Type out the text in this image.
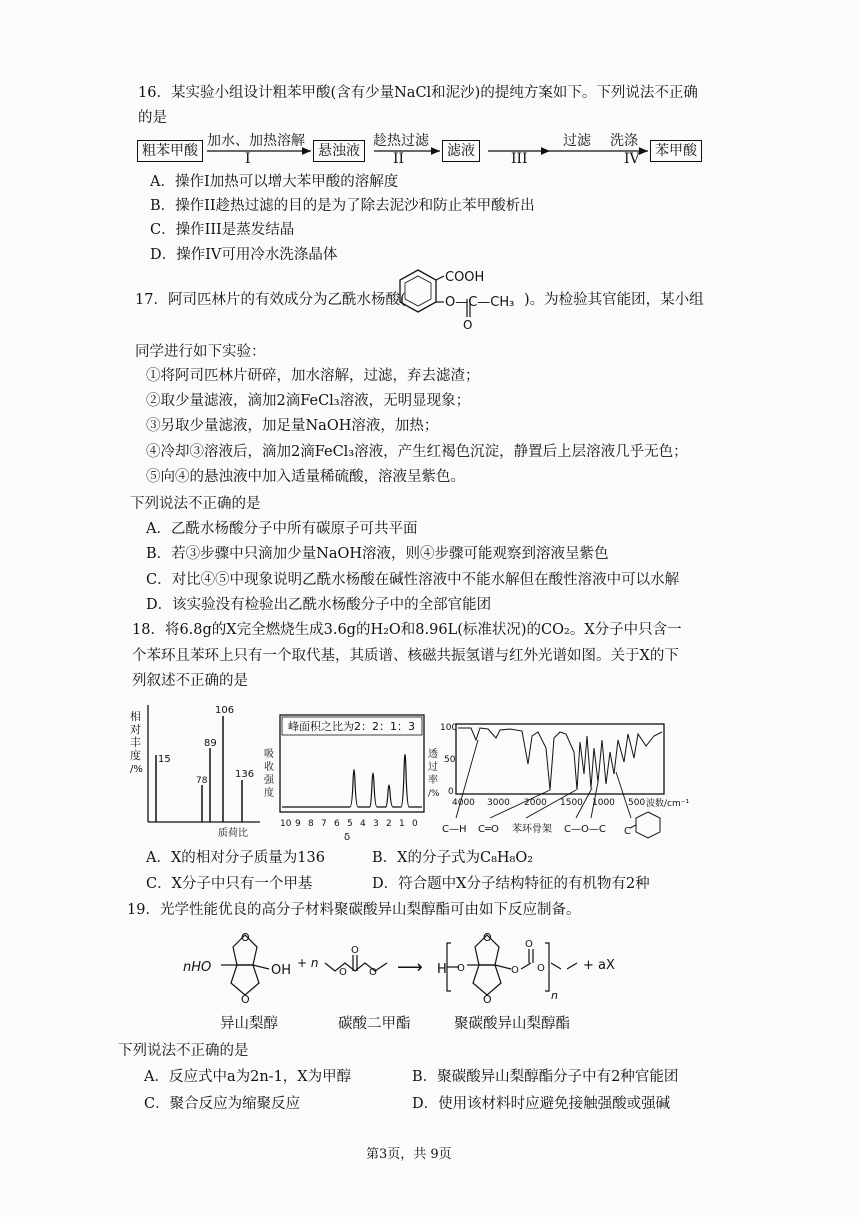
16．某实验小组设计粗苯甲酸(含有少量NaCl和泥沙)的提纯方案如下。下列说法不正确
的是
粗苯甲酸
加水、加热溶解
I	悬浊液
趁热过滤
II	滤液	III
过滤 洗涤
IV	苯甲酸
A．操作I加热可以增大苯甲酸的溶解度
B．操作II趁热过滤的目的是为了除去泥沙和防止苯甲酸析出
C．操作III是蒸发结晶
D．操作IV可用冷水洗涤晶体
17．阿司匹林片的有效成分为乙酰水杨酸(
COOH
O—C—CH₃
O
)。为检验其官能团，某小组
同学进行如下实验：
①将阿司匹林片研碎，加水溶解，过滤，弃去滤渣；
②取少量滤液，滴加2滴FeCl₃溶液，无明显现象；
③另取少量滤液，加足量NaOH溶液，加热；
④冷却③溶液后，滴加2滴FeCl₃溶液，产生红褐色沉淀，静置后上层溶液几乎无色；
⑤向④的悬浊液中加入适量稀硫酸，溶液呈紫色。
下列说法不正确的是
A．乙酰水杨酸分子中所有碳原子可共平面
B．若③步骤中只滴加少量NaOH溶液，则④步骤可能观察到溶液呈紫色
C．对比④⑤中现象说明乙酰水杨酸在碱性溶液中不能水解但在酸性溶液中可以水解
D．该实验没有检验出乙酰水杨酸分子中的全部官能团
18．将6.8g的X完全燃烧生成3.6g的H₂O和8.96L(标准状况)的CO₂。X分子中只含一
个苯环且苯环上只有一个取代基，其质谱、核磁共振氢谱与红外光谱如图。关于X的下
列叙述不正确的是
相
对
丰
度
/%
15
78
89
106
136
质荷比
吸
收
强
度
峰面积之比为2：2：1：3
10 9 8 7 6 5 4 3 2 1 0
δ
透
过
率
/%
100
50
0
4000 3000 2000 1500 1000 500 波数/cm⁻¹
C—H C═O 苯环骨架 C—O—C C
A．X的相对分子质量为136	B．X的分子式为C₈H₈O₂
C．X分子中只有一个甲基	D．符合题中X分子结构特征的有机物有2种
19．光学性能优良的高分子材料聚碳酸异山梨醇酯可由如下反应制备。
nHO
O
O
OH + n
O
O
O ⟶ H O
O
O
O
O
O
n
+ aX
异山梨醇	碳酸二甲酯	聚碳酸异山梨醇酯
下列说法不正确的是
A．反应式中a为2n-1，X为甲醇	B．聚碳酸异山梨醇酯分子中有2种官能团
C．聚合反应为缩聚反应	D．使用该材料时应避免接触强酸或强碱
第3页，共 9页
